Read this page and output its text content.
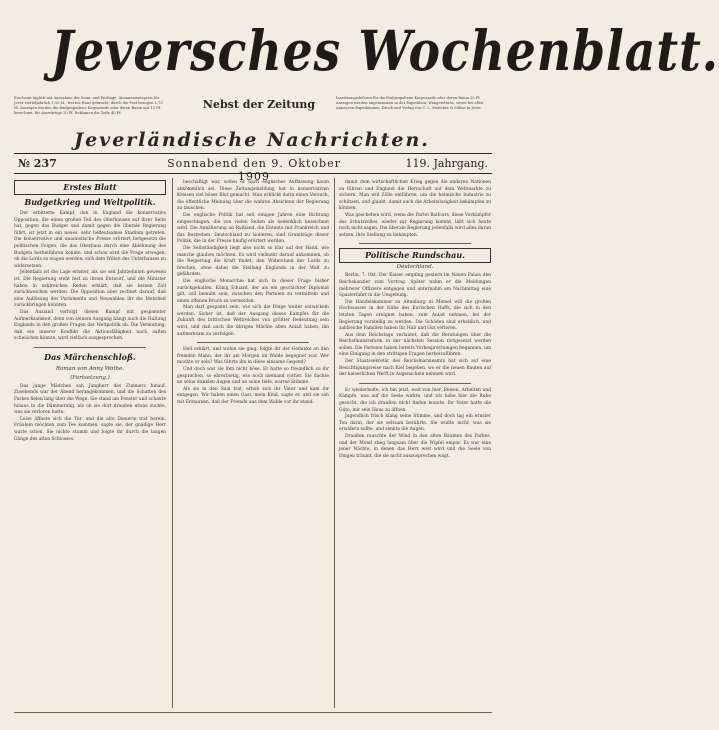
Jeversches Wochenblatt.
Erscheint täglich mit Ausnahme der Sonn- und Festtage. Abonnementspreis für Jever vierteljährlich 1,50 M., frei ins Haus gebracht; durch die Post bezogen 1,75 M. Anzeigen werden die fünfgespaltene Korpuszeile oder deren Raum mit 15 Pf. berechnet, für Auswärtige 20 Pf. Reklamen die Zeile 40 Pf.
Nebst der Zeitung	Insertionsgebühren für die fünfgespaltene Korpuszeile oder deren Raum 15 Pf. Anzeigen werden angenommen in der Expedition, Wangerstraße, sowie bei allen Annoncen-Expeditionen. Druck und Verlag von C. L. Mettcker & Söhne in Jever.
Jeverländische Nachrichten.
№ 237	Sonnabend den 9. Oktober 1909
119. Jahrgang.
Erstes Blatt
Budgetkrieg und Weltpolitik.

Der erbitterte Kampf, den in England die konservative Opposition, die einen großen Teil des Oberhauses auf ihrer Seite hat, gegen das Budget und damit gegen die liberale Regierung führt, ist jetzt in ein neues, sehr bedeutsames Stadium getreten. Die konservative und unionistische Presse erörtert fortgesetzt die politischen Folgen, die das Oberhaus durch eine Ablehnung des Budgets herbeiführen könnte, und schon wird die Frage erwogen, ob die Lords es wagen werden, sich dem Willen des Unterhauses zu widersetzen.

Jedenfalls ist die Lage ernster, als sie seit Jahrzehnten gewesen ist. Die Regierung steht fest zu ihrem Entwurf, und die Minister haben in zahlreichen Reden erklärt, daß sie keinen Zoll zurückweichen werden. Die Opposition aber rechnet darauf, daß eine Auflösung des Parlaments und Neuwahlen ihr die Mehrheit zurückbringen könnten.

Das Ausland verfolgt diesen Kampf mit gespannter Aufmerksamkeit, denn von seinem Ausgang hängt auch die Haltung Englands in den großen Fragen der Weltpolitik ab. Die Vermutung, daß ein innerer Konflikt die Aktionsfähigkeit nach außen schwächen könnte, wird vielfach ausgesprochen.

Das Märchenschloß.
Roman von Anny Wothe.
(Fortsetzung.)

Das junge Mädchen sah Jungherr des Zimmers hinauf. Zusehends war der Abend herangekommen, und die Schatten des Parkes fielen lang über die Wege. Sie stand am Fenster und schaute hinaus in die Dämmerung, als ob sie dort draußen etwas suchte, was sie verloren hatte.

Leise öffnete sich die Tür, und die alte Dienerin trat herein. Fräulein möchten zum Tee kommen, sagte sie, der gnädige Herr warte schon. Sie nickte stumm und folgte ihr durch die langen Gänge des alten Schlosses.

beschäftigt war, wobei er nach englischer Auffassung kaum abkömmlich sei. Diese Zeitungsmeldung hat in konservativen Kreisen viel böses Blut gemacht. Man erblickt darin einen Versuch, die öffentliche Meinung über die wahren Absichten der Regierung zu täuschen.

Die englische Politik hat seit einigen Jahren eine Richtung eingeschlagen, die von vielen Seiten als bedenklich bezeichnet wird. Die Annäherung an Rußland, die Entente mit Frankreich und das Bestreben, Deutschland zu isolieren, sind Grundzüge dieser Politik, die in der Presse häufig erörtert werden.

Die Selbständigkeit liegt also nicht so klar auf der Hand, wie manche glauben möchten. Es wird vielmehr darauf ankommen, ob die Regierung die Kraft findet, den Widerstand der Lords zu brechen, ohne dabei die Stellung Englands in der Welt zu gefährden.

Die englische Monarchie hat sich in dieser Frage bisher zurückgehalten. König Eduard, der als ein geschickter Diplomat gilt, soll bemüht sein, zwischen den Parteien zu vermitteln und einen offenen Bruch zu vermeiden.

Man darf gespannt sein, wie sich die Dinge weiter entwickeln werden. Sicher ist, daß der Ausgang dieses Kampfes für die Zukunft des britischen Weltreiches von größter Bedeutung sein wird, und daß auch die übrigen Mächte allen Anlaß haben, ihn aufmerksam zu verfolgen.

Hell erklärt, und wohin sie ging, folgte ihr der Gedanke an den fremden Mann, der ihr am Morgen im Walde begegnet war. Wer mochte er sein? Was führte ihn in diese einsame Gegend?

Und doch war sie ihm nicht böse. Er hatte so freundlich zu ihr gesprochen, so ehrerbietig, wie noch niemand vorher. Sie dachte an seine dunklen Augen und an seine tiefe, warme Stimme.

Als sie in den Saal trat, erhob sich ihr Vater und kam ihr entgegen. Wir haben einen Gast, mein Kind, sagte er, und sie sah mit Erstaunen, daß der Fremde aus dem Walde vor ihr stand.

damit dem wirtschaftlichen Krieg gegen die anderen Nationen zu führen und England die Herrschaft auf dem Weltmarkte zu sichern. Man will Zölle einführen, um die heimische Industrie zu schützen, und glaubt, damit auch die Arbeitslosigkeit bekämpfen zu können.

Was geschehen wird, wenn die Partei Balfours, diese Vorkämpfer des Schutzzolles, wieder zur Regierung kommt, läßt sich heute noch nicht sagen. Die liberale Regierung jedenfalls wird alles daran setzen, ihre Stellung zu behaupten.

Politische Rundschau.
Deutschland.

Berlin, 7. Okt. Der Kaiser empfing gestern im Neuen Palais den Reichskanzler zum Vortrag. Später nahm er die Meldungen mehrerer Offiziere entgegen und unternahm am Nachmittag eine Spazierfahrt in die Umgebung.

Die Handelskammer zu Altenburg in Memel will die großen Hochwasser in der Nähe des Kurischen Haffs, die sich in den letzten Tagen ereignet haben, zum Anlaß nehmen, bei der Regierung vorstellig zu werden. Die Schäden sind erheblich, und zahlreiche Familien haben ihr Hab und Gut verloren.

Aus dem Reichstage verlautet, daß die Beratungen über die Reichsfinanzreform in der nächsten Session fortgesetzt werden sollen. Die Parteien haben bereits Vorbesprechungen begonnen, um eine Einigung in den strittigen Fragen herbeizuführen.

Der Staatssekretär des Reichsmarineamts hat sich auf eine Besichtigungsreise nach Kiel begeben, wo er die neuen Bauten auf der kaiserlichen Werft in Augenschein nehmen wird.

Er wiederholte, ich bin jetzt, weit von hier, Reisen, Arbeiten und Kämpfe, was auf die Seele wirkte, und ich habe hier die Ruhe gesucht, die ich draußen nicht finden konnte. Ihr Vater hatte die Güte, mir sein Haus zu öffnen.

Jugendlich frisch klang seine Stimme, und doch lag ein ernster Ton darin, der sie seltsam berührte. Sie wußte nicht, was sie erwidern sollte, und senkte die Augen.

Draußen rauschte der Wind in den alten Bäumen des Parkes, und der Mond stieg langsam über die Wipfel empor. Es war eine jener Nächte, in denen das Herz weit wird und die Seele von Dingen träumt, die sie nicht auszusprechen wagt.
